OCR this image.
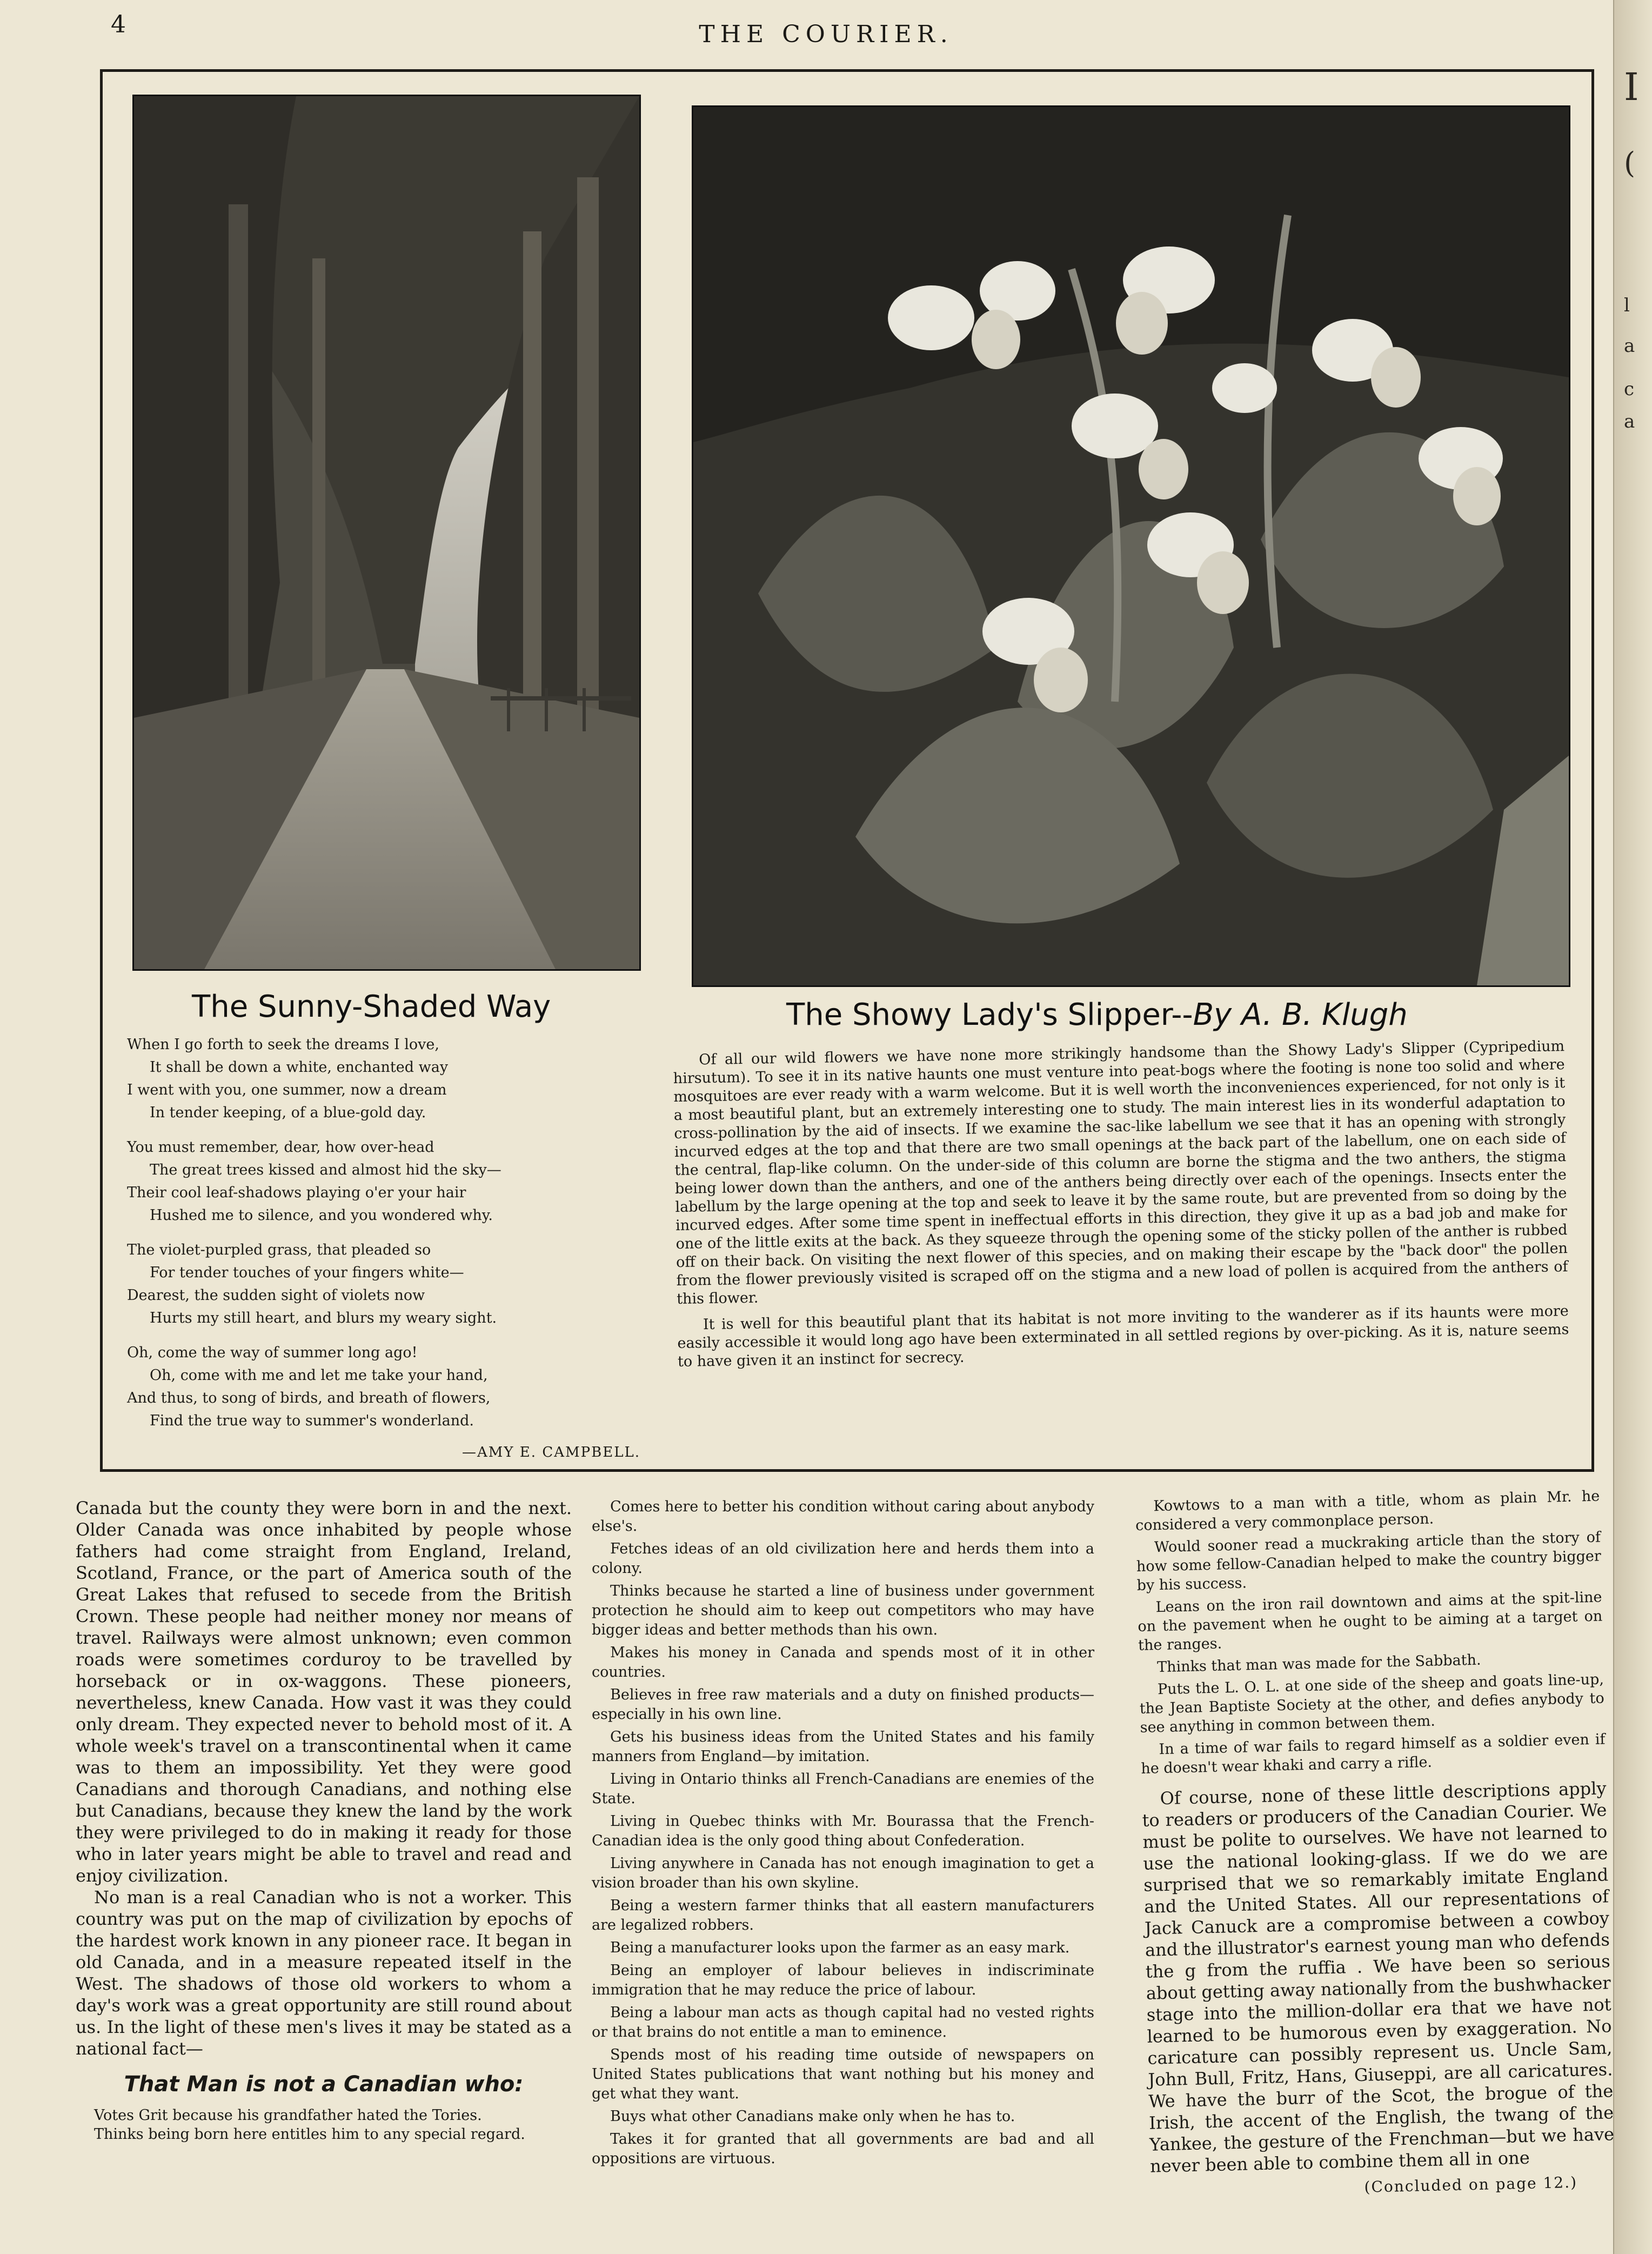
4	THE COURIER.
I
(
l
a
c
a
The Sunny-Shaded Way	The Showy Lady's Slipper--By A. B. Klugh
When I go forth to seek the dreams I love,
It shall be down a white, enchanted way
I went with you, one summer, now a dream
In tender keeping, of a blue-gold day.
You must remember, dear, how over-head
The great trees kissed and almost hid the sky—
Their cool leaf-shadows playing o'er your hair
Hushed me to silence, and you wondered why.
The violet-purpled grass, that pleaded so
For tender touches of your fingers white—
Dearest, the sudden sight of violets now
Hurts my still heart, and blurs my weary sight.
Oh, come the way of summer long ago!
Oh, come with me and let me take your hand,
And thus, to song of birds, and breath of flowers,
Find the true way to summer's wonderland.
—AMY E. CAMPBELL.

Of all our wild flowers we have none more strikingly handsome than the Showy Lady's Slipper (Cypripedium hirsutum). To see it in its native haunts one must venture into peat-bogs where the footing is none too solid and where mosquitoes are ever ready with a warm welcome. But it is well worth the inconveniences experienced, for not only is it a most beautiful plant, but an extremely interesting one to study. The main interest lies in its wonderful adaptation to cross-pollination by the aid of insects. If we examine the sac-like labellum we see that it has an opening with strongly incurved edges at the top and that there are two small openings at the back part of the labellum, one on each side of the central, flap-like column. On the under-side of this column are borne the stigma and the two anthers, the stigma being lower down than the anthers, and one of the anthers being directly over each of the openings. Insects enter the labellum by the large opening at the top and seek to leave it by the same route, but are prevented from so doing by the incurved edges. After some time spent in ineffectual efforts in this direction, they give it up as a bad job and make for one of the little exits at the back. As they squeeze through the opening some of the sticky pollen of the anther is rubbed off on their back. On visiting the next flower of this species, and on making their escape by the "back door" the pollen from the flower previously visited is scraped off on the stigma and a new load of pollen is acquired from the anthers of this flower.

It is well for this beautiful plant that its habitat is not more inviting to the wanderer as if its haunts were more easily accessible it would long ago have been exterminated in all settled regions by over-picking. As it is, nature seems to have given it an instinct for secrecy.

Canada but the county they were born in and the next. Older Canada was once inhabited by people whose fathers had come straight from England, Ireland, Scotland, France, or the part of America south of the Great Lakes that refused to secede from the British Crown. These people had neither money nor means of travel. Railways were almost unknown; even common roads were sometimes corduroy to be travelled by horseback or in ox-waggons. These pioneers, nevertheless, knew Canada. How vast it was they could only dream. They expected never to behold most of it. A whole week's travel on a transcontinental when it came was to them an impossibility. Yet they were good Canadians and thorough Canadians, and nothing else but Canadians, because they knew the land by the work they were privileged to do in making it ready for those who in later years might be able to travel and read and enjoy civilization.

No man is a real Canadian who is not a worker. This country was put on the map of civilization by epochs of the hardest work known in any pioneer race. It began in old Canada, and in a measure repeated itself in the West. The shadows of those old workers to whom a day's work was a great opportunity are still round about us. In the light of these men's lives it may be stated as a national fact—

That Man is not a Canadian who:

Votes Grit because his grandfather hated the Tories.

Thinks being born here entitles him to any special regard.

Comes here to better his condition without caring about anybody else's.

Fetches ideas of an old civilization here and herds them into a colony.

Thinks because he started a line of business under government protection he should aim to keep out competitors who may have bigger ideas and better methods than his own.

Makes his money in Canada and spends most of it in other countries.

Believes in free raw materials and a duty on finished products—especially in his own line.

Gets his business ideas from the United States and his family manners from England—by imitation.

Living in Ontario thinks all French-Canadians are enemies of the State.

Living in Quebec thinks with Mr. Bourassa that the French-Canadian idea is the only good thing about Confederation.

Living anywhere in Canada has not enough imagination to get a vision broader than his own skyline.

Being a western farmer thinks that all eastern manufacturers are legalized robbers.

Being a manufacturer looks upon the farmer as an easy mark.

Being an employer of labour believes in indiscriminate immigration that he may reduce the price of labour.

Being a labour man acts as though capital had no vested rights or that brains do not entitle a man to eminence.

Spends most of his reading time outside of newspapers on United States publications that want nothing but his money and get what they want.

Buys what other Canadians make only when he has to.

Takes it for granted that all governments are bad and all oppositions are virtuous.

Kowtows to a man with a title, whom as plain Mr. he considered a very commonplace person.
Would sooner read a muckraking article than the story of how some fellow-Canadian helped to make the country bigger by his success.
Leans on the iron rail downtown and aims at the spit-line on the pavement when he ought to be aiming at a target on the ranges.
Thinks that man was made for the Sabbath.
Puts the L. O. L. at one side of the sheep and goats line-up, the Jean Baptiste Society at the other, and defies anybody to see anything in common between them.
In a time of war fails to regard himself as a soldier even if he doesn't wear khaki and carry a rifle.

Of course, none of these little descriptions apply to readers or producers of the Canadian Courier. We must be polite to ourselves. We have not learned to use the national looking-glass. If we do we are surprised that we so remarkably imitate England and the United States. All our representations of Jack Canuck are a compromise between a cowboy and the illustrator's earnest young man who defends the g from the ruffia . We have been so serious about getting away nationally from the bushwhacker stage into the million-dollar era that we have not learned to be humorous even by exaggeration. No caricature can possibly represent us. Uncle Sam, John Bull, Fritz, Hans, Giuseppi, are all caricatures. We have the burr of the Scot, the brogue of the Irish, the accent of the English, the twang of the Yankee, the gesture of the Frenchman—but we have never been able to combine them all in one

(Concluded on page 12.)
